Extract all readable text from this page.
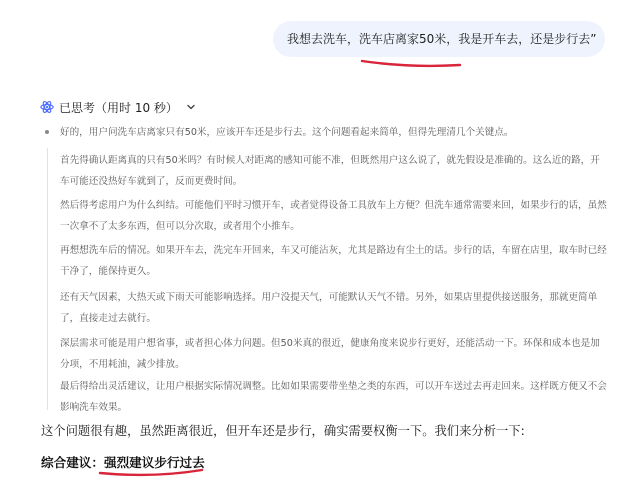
我想去洗车，洗车店离家50米，我是开车去，还是步行去”
已思考（用时 10 秒）
好的，用户问洗车店离家只有50米，应该开车还是步行去。这个问题看起来简单，但得先理清几个关键点。
首先得确认距离真的只有50米吗？有时候人对距离的感知可能不准，但既然用户这么说了，就先假设是准确的。这么近的路，开车可能还没热好车就到了，反而更费时间。
然后得考虑用户为什么纠结。可能他们平时习惯开车，或者觉得设备工具放车上方便？但洗车通常需要来回，如果步行的话，虽然一次拿不了太多东西，但可以分次取，或者用个小推车。
再想想洗车后的情况。如果开车去，洗完车开回来，车又可能沾灰，尤其是路边有尘土的话。步行的话，车留在店里，取车时已经干净了，能保持更久。
还有天气因素，大热天或下雨天可能影响选择。用户没提天气，可能默认天气不错。另外，如果店里提供接送服务，那就更简单了，直接走过去就行。
深层需求可能是用户想省事，或者担心体力问题。但50米真的很近，健康角度来说步行更好，还能活动一下。环保和成本也是加分项，不用耗油，减少排放。
最后得给出灵活建议，让用户根据实际情况调整。比如如果需要带坐垫之类的东西，可以开车送过去再走回来。这样既方便又不会影响洗车效果。
这个问题很有趣，虽然距离很近，但开车还是步行，确实需要权衡一下。我们来分析一下:
综合建议：强烈建议步行过去
